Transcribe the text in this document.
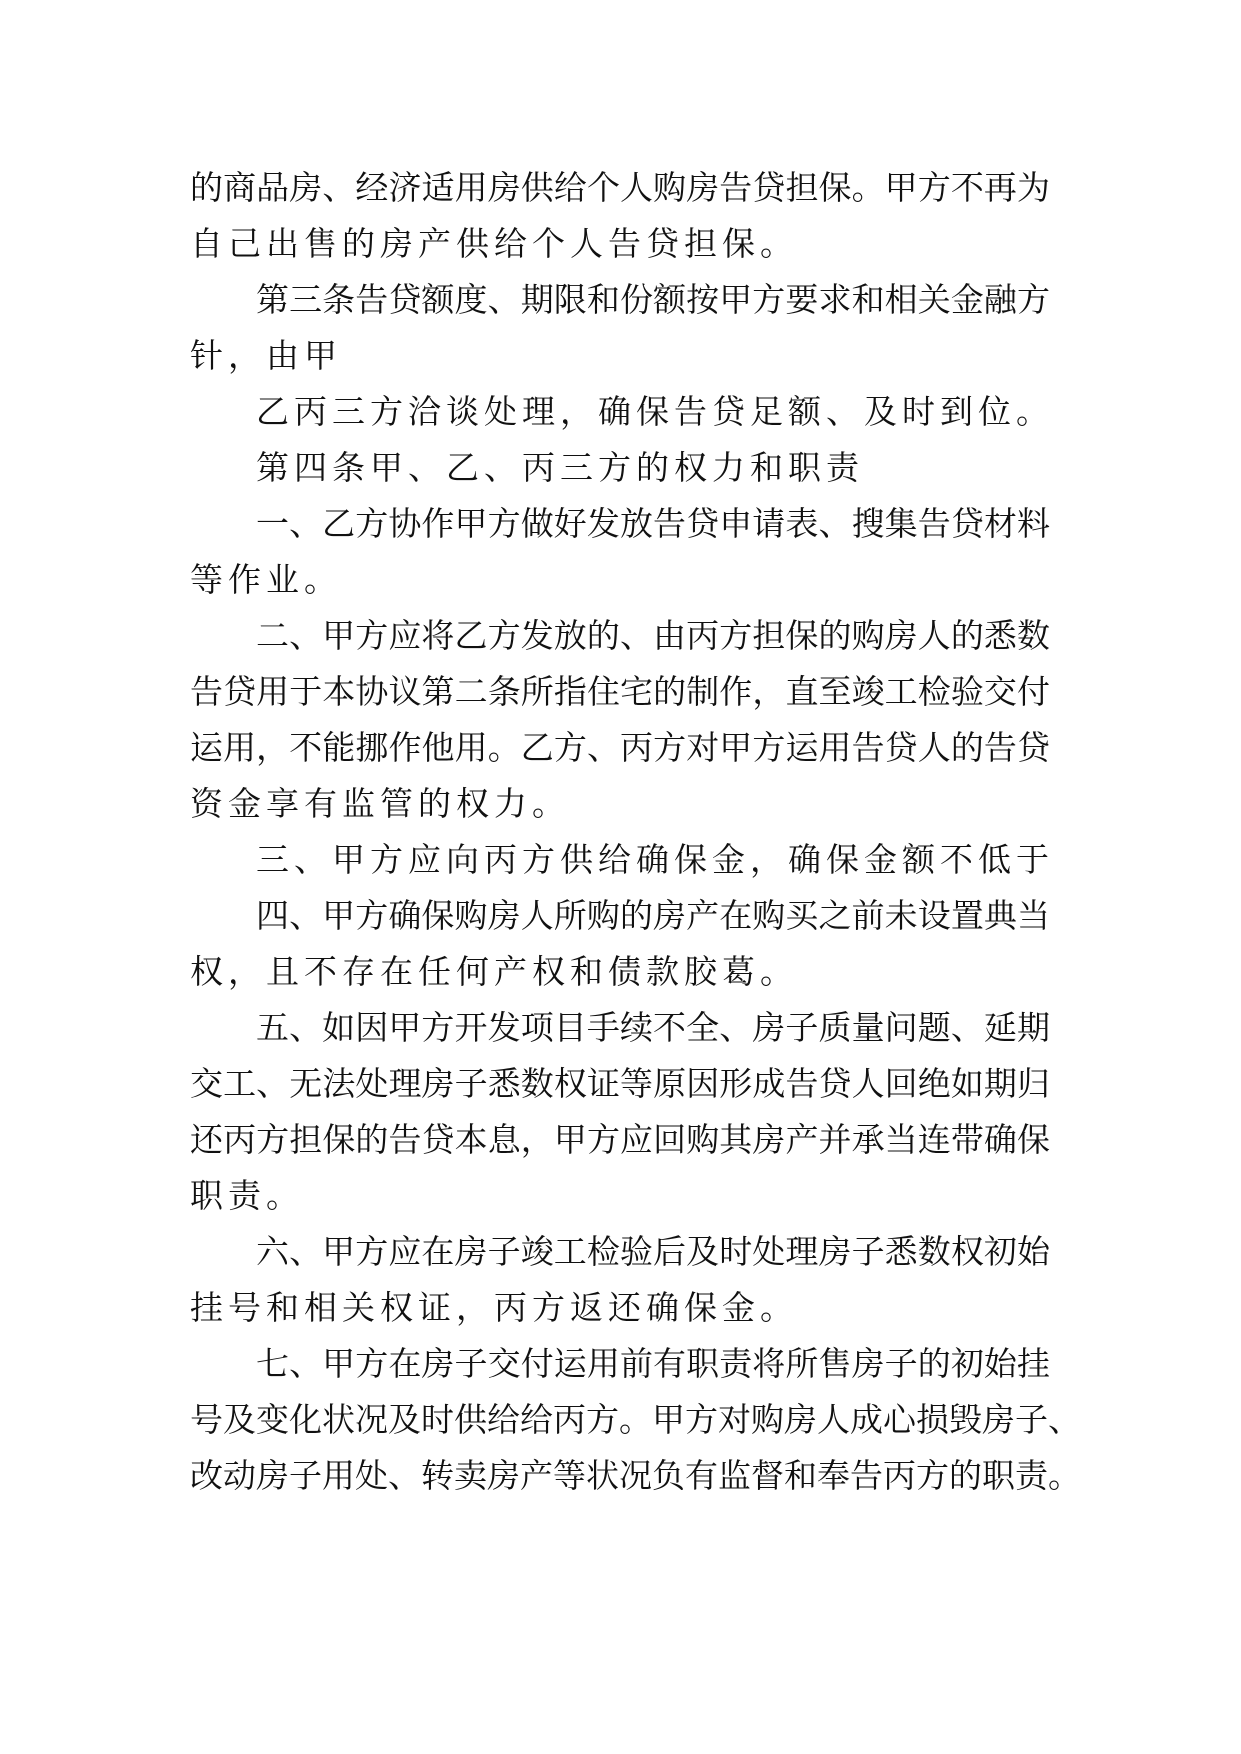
的商品房、经济适用房供给个人购房告贷担保。甲方不再为
自己出售的房产供给个人告贷担保。
第三条告贷额度、期限和份额按甲方要求和相关金融方
针，由甲
乙丙三方洽谈处理，确保告贷足额、及时到位。
第四条甲、乙、丙三方的权力和职责
一、乙方协作甲方做好发放告贷申请表、搜集告贷材料
等作业。
二、甲方应将乙方发放的、由丙方担保的购房人的悉数
告贷用于本协议第二条所指住宅的制作，直至竣工检验交付
运用，不能挪作他用。乙方、丙方对甲方运用告贷人的告贷
资金享有监管的权力。
三、甲方应向丙方供给确保金，确保金额不低于
四、甲方确保购房人所购的房产在购买之前未设置典当
权，且不存在任何产权和债款胶葛。
五、如因甲方开发项目手续不全、房子质量问题、延期
交工、无法处理房子悉数权证等原因形成告贷人回绝如期归
还丙方担保的告贷本息，甲方应回购其房产并承当连带确保
职责。
六、甲方应在房子竣工检验后及时处理房子悉数权初始
挂号和相关权证，丙方返还确保金。
七、甲方在房子交付运用前有职责将所售房子的初始挂
号及变化状况及时供给给丙方。甲方对购房人成心损毁房子、
改动房子用处、转卖房产等状况负有监督和奉告丙方的职责。
